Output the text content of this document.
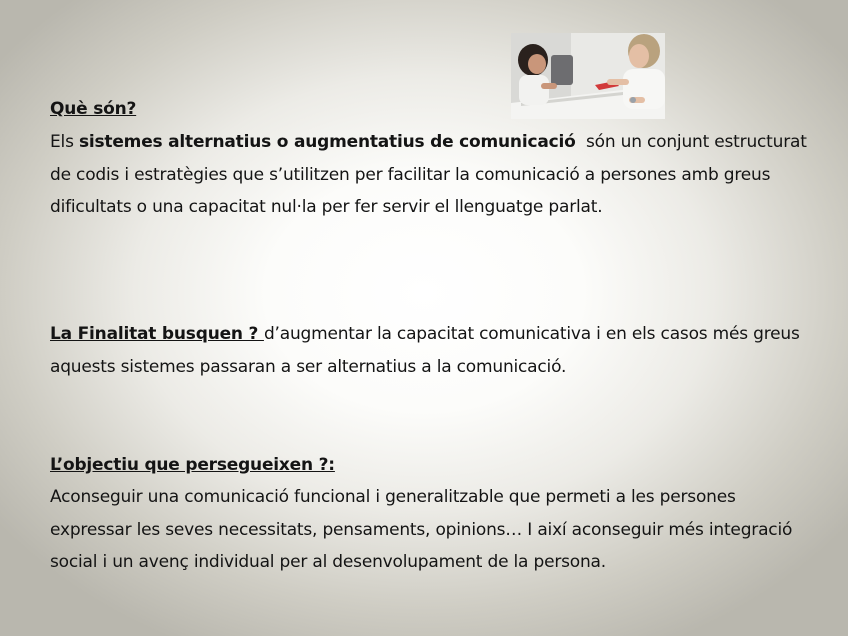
Què són?

Els sistemes alternatius o augmentatius de comunicació són un conjunt estructurat de codis i estratègies que s’utilitzen per facilitar la comunicació a persones amb greus dificultats o una capacitat nul·la per fer servir el llenguatge parlat.

La Finalitat busquen ? d’augmentar la capacitat comunicativa i en els casos més greus aquests sistemes passaran a ser alternatius a la comunicació.

L’objectiu que persegueixen ?:

Aconseguir una comunicació funcional i generalitzable que permeti a les persones expressar les seves necessitats, pensaments, opinions… I així aconseguir més integració social i un avenç individual per al desenvolupament de la persona.
